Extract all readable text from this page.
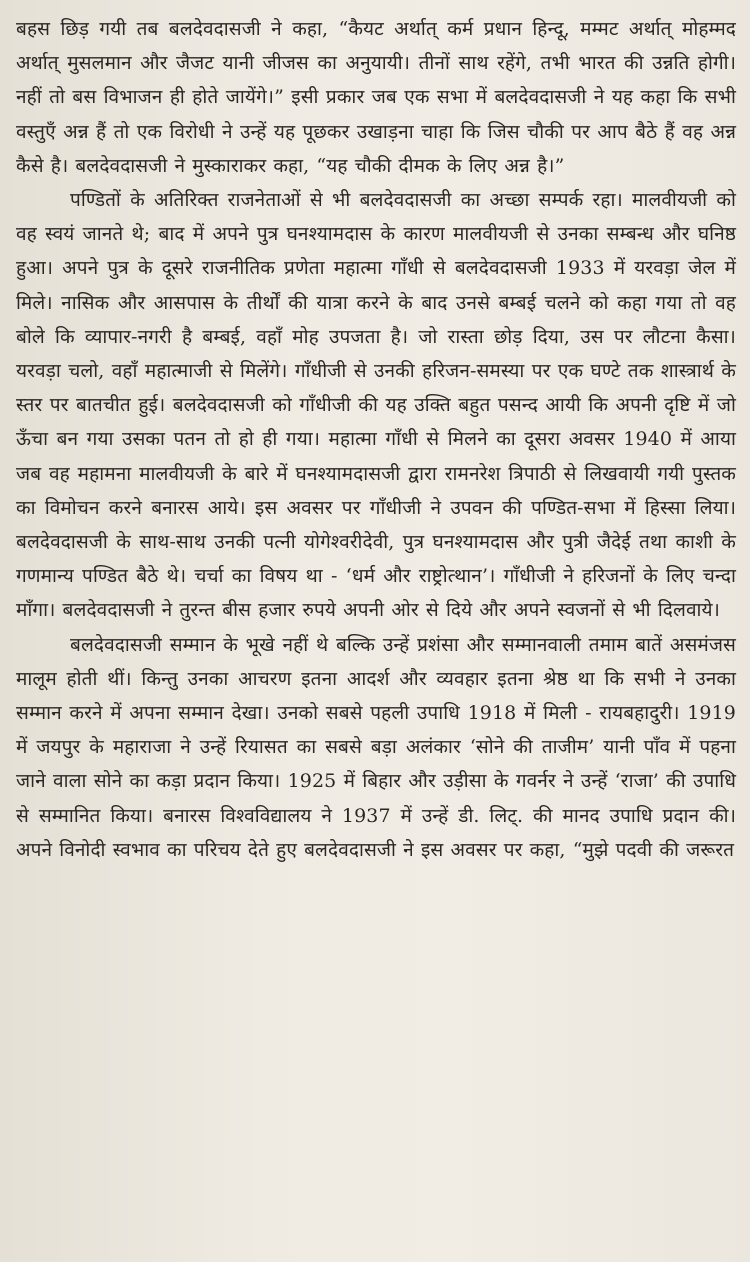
बहस छिड़ गयी तब बलदेवदासजी ने कहा, “कैयट अर्थात् कर्म प्रधान हिन्दू, मम्मट अर्थात् मोहम्मद अर्थात् मुसलमान और जैजट यानी जीजस का अनुयायी। तीनों साथ रहेंगे, तभी भारत की उन्नति होगी। नहीं तो बस विभाजन ही होते जायेंगे।” इसी प्रकार जब एक सभा में बलदेवदासजी ने यह कहा कि सभी वस्तुएँ अन्न हैं तो एक विरोधी ने उन्हें यह पूछकर उखाड़ना चाहा कि जिस चौकी पर आप बैठे हैं वह अन्न कैसे है। बलदेवदासजी ने मुस्काराकर कहा, “यह चौकी दीमक के लिए अन्न है।”

पण्डितों के अतिरिक्त राजनेताओं से भी बलदेवदासजी का अच्छा सम्पर्क रहा। मालवीयजी को वह स्वयं जानते थे; बाद में अपने पुत्र घनश्यामदास के कारण मालवीयजी से उनका सम्बन्ध और घनिष्ठ हुआ। अपने पुत्र के दूसरे राजनीतिक प्रणेता महात्मा गाँधी से बलदेवदासजी 1933 में यरवड़ा जेल में मिले। नासिक और आसपास के तीर्थों की यात्रा करने के बाद उनसे बम्बई चलने को कहा गया तो वह बोले कि व्यापार-नगरी है बम्बई, वहाँ मोह उपजता है। जो रास्ता छोड़ दिया, उस पर लौटना कैसा। यरवड़ा चलो, वहाँ महात्माजी से मिलेंगे। गाँधीजी से उनकी हरिजन-समस्या पर एक घण्टे तक शास्त्रार्थ के स्तर पर बातचीत हुई। बलदेवदासजी को गाँधीजी की यह उक्ति बहुत पसन्द आयी कि अपनी दृष्टि में जो ऊँचा बन गया उसका पतन तो हो ही गया। महात्मा गाँधी से मिलने का दूसरा अवसर 1940 में आया जब वह महामना मालवीयजी के बारे में घनश्यामदासजी द्वारा रामनरेश त्रिपाठी से लिखवायी गयी पुस्तक का विमोचन करने बनारस आये। इस अवसर पर गाँधीजी ने उपवन की पण्डित-सभा में हिस्सा लिया। बलदेवदासजी के साथ-साथ उनकी पत्नी योगेश्वरीदेवी, पुत्र घनश्यामदास और पुत्री जैदेई तथा काशी के गणमान्य पण्डित बैठे थे। चर्चा का विषय था - ‘धर्म और राष्ट्रोत्थान’। गाँधीजी ने हरिजनों के लिए चन्दा माँगा। बलदेवदासजी ने तुरन्त बीस हजार रुपये अपनी ओर से दिये और अपने स्वजनों से भी दिलवाये।

बलदेवदासजी सम्मान के भूखे नहीं थे बल्कि उन्हें प्रशंसा और सम्मानवाली तमाम बातें असमंजस मालूम होती थीं। किन्तु उनका आचरण इतना आदर्श और व्यवहार इतना श्रेष्ठ था कि सभी ने उनका सम्मान करने में अपना सम्मान देखा। उनको सबसे पहली उपाधि 1918 में मिली - रायबहादुरी। 1919 में जयपुर के महाराजा ने उन्हें रियासत का सबसे बड़ा अलंकार ‘सोने की ताजीम’ यानी पाँव में पहना जाने वाला सोने का कड़ा प्रदान किया। 1925 में बिहार और उड़ीसा के गवर्नर ने उन्हें ‘राजा’ की उपाधि से सम्मानित किया। बनारस विश्वविद्यालय ने 1937 में उन्हें डी. लिट्. की मानद उपाधि प्रदान की। अपने विनोदी स्वभाव का परिचय देते हुए बलदेवदासजी ने इस अवसर पर कहा, “मुझे पदवी की जरूरत
